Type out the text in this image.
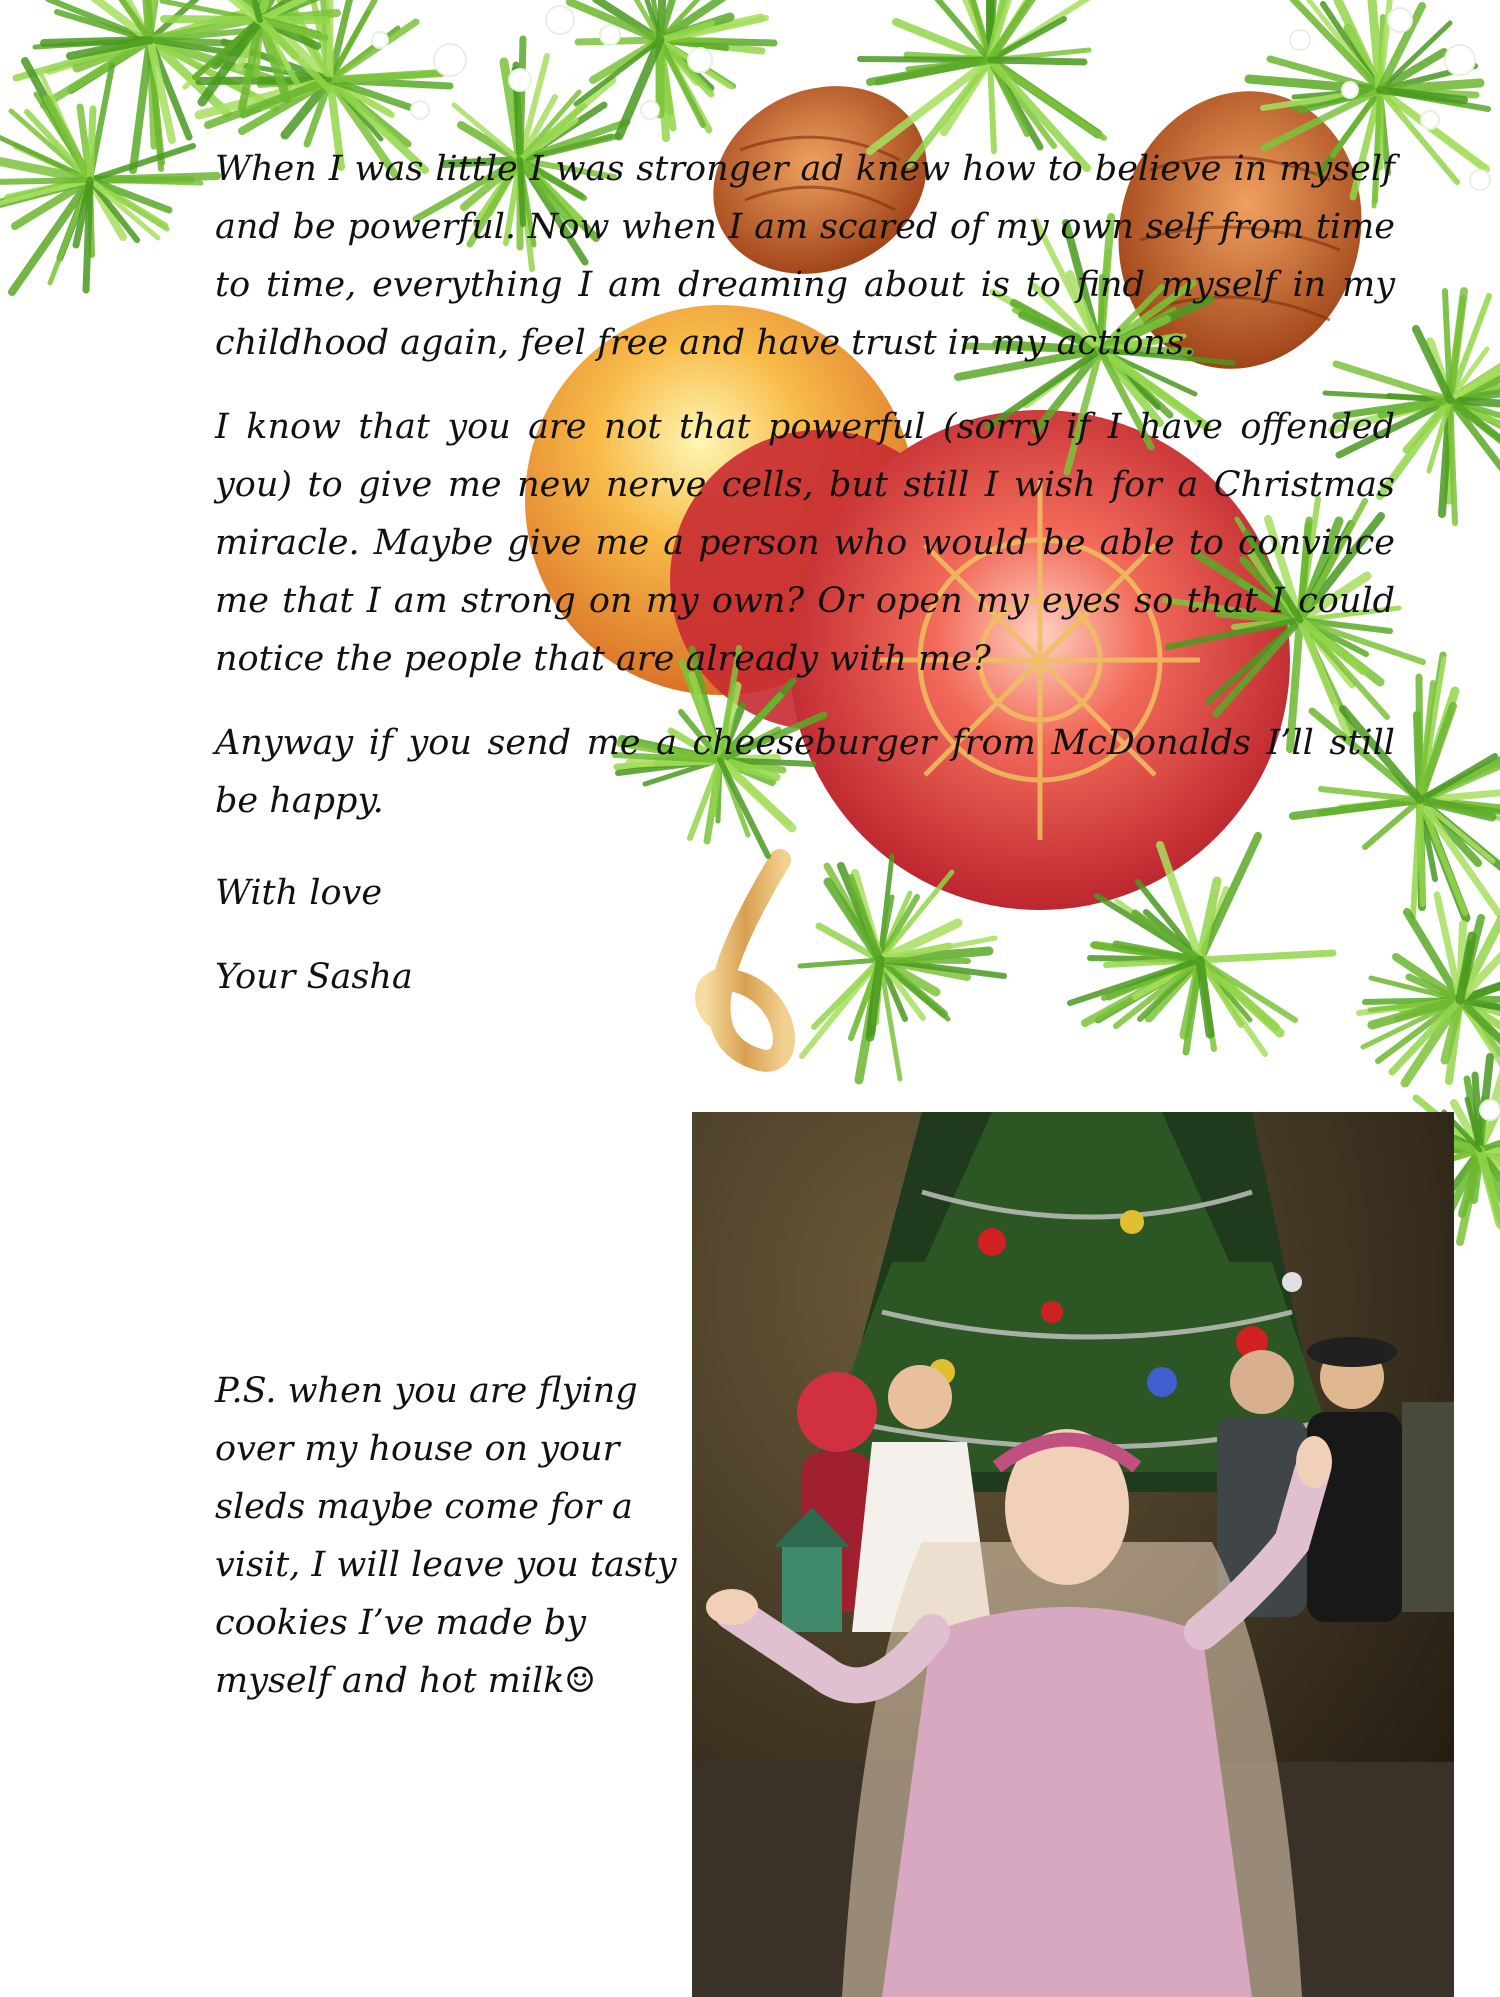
When I was little I was stronger ad knew how to believe in myself and be powerful. Now when I am scared of my own self from time to time, everything I am dreaming about is to find myself in my childhood again, feel free and have trust in my actions.

I know that you are not that powerful (sorry if I have offended you) to give me new nerve cells, but still I wish for a Christmas miracle. Maybe give me a person who would be able to convince me that I am strong on my own? Or open my eyes so that I could notice the people that are already with me?

Anyway if you send me a cheeseburger from McDonalds I’ll still be happy.

With love

Your Sasha

P.S. when you are flying over my house on your sleds maybe come for a visit, I will leave you tasty cookies I’ve made by myself and hot milk☺
